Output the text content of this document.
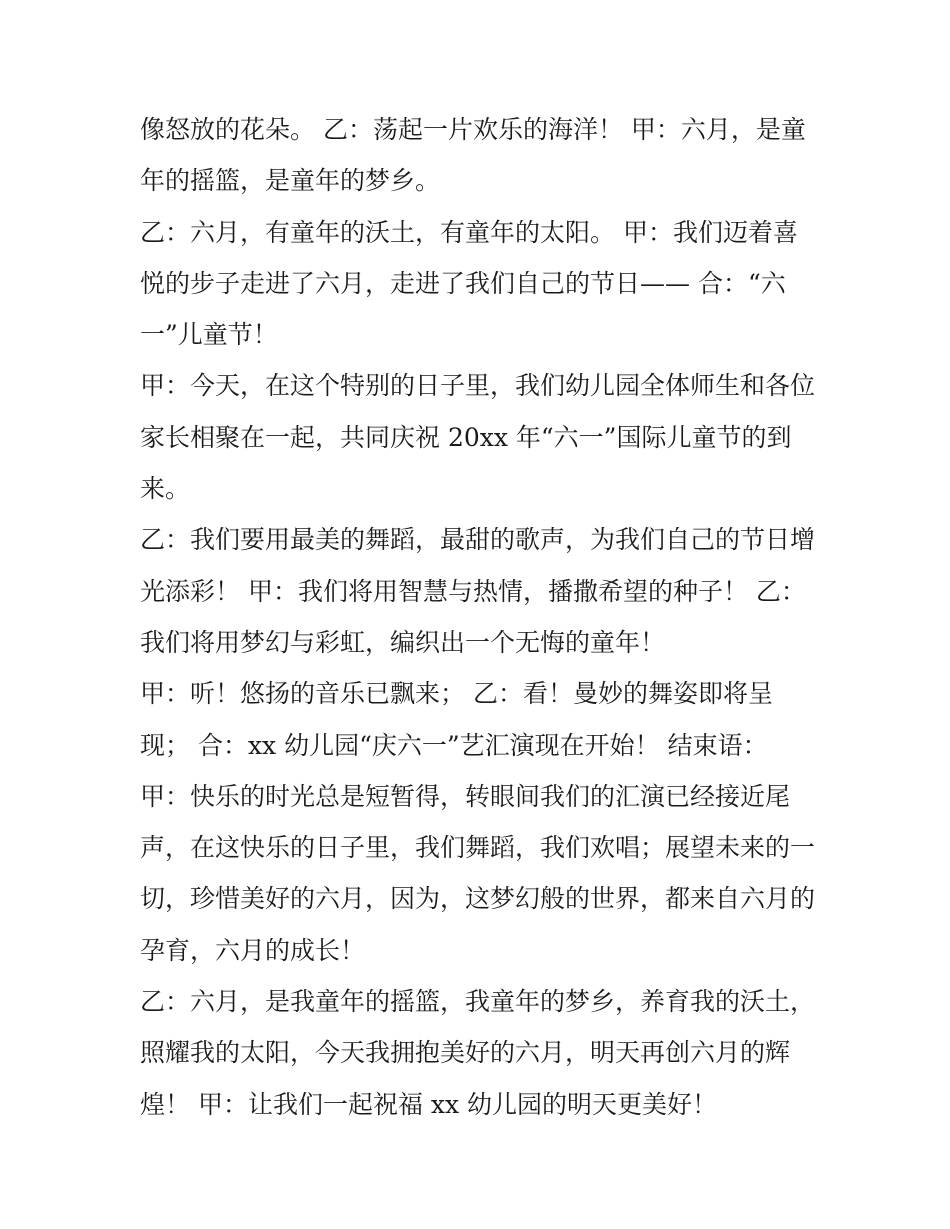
像怒放的花朵。 乙：荡起一片欢乐的海洋！ 甲：六月，是童
年的摇篮，是童年的梦乡。
乙：六月，有童年的沃土，有童年的太阳。 甲：我们迈着喜
悦的步子走进了六月，走进了我们自己的节日—— 合：“六
一”儿童节！
甲：今天，在这个特别的日子里，我们幼儿园全体师生和各位
家长相聚在一起，共同庆祝 20xx 年“六一”国际儿童节的到
来。
乙：我们要用最美的舞蹈，最甜的歌声，为我们自己的节日增
光添彩！ 甲：我们将用智慧与热情，播撒希望的种子！ 乙：
我们将用梦幻与彩虹，编织出一个无悔的童年！
甲：听！悠扬的音乐已飘来； 乙：看！曼妙的舞姿即将呈
现； 合：xx 幼儿园“庆六一”艺汇演现在开始！ 结束语：
甲：快乐的时光总是短暂得，转眼间我们的汇演已经接近尾
声，在这快乐的日子里，我们舞蹈，我们欢唱；展望未来的一
切，珍惜美好的六月，因为，这梦幻般的世界，都来自六月的
孕育，六月的成长！
乙：六月，是我童年的摇篮，我童年的梦乡，养育我的沃土，
照耀我的太阳，今天我拥抱美好的六月，明天再创六月的辉
煌！ 甲：让我们一起祝福 xx 幼儿园的明天更美好！
